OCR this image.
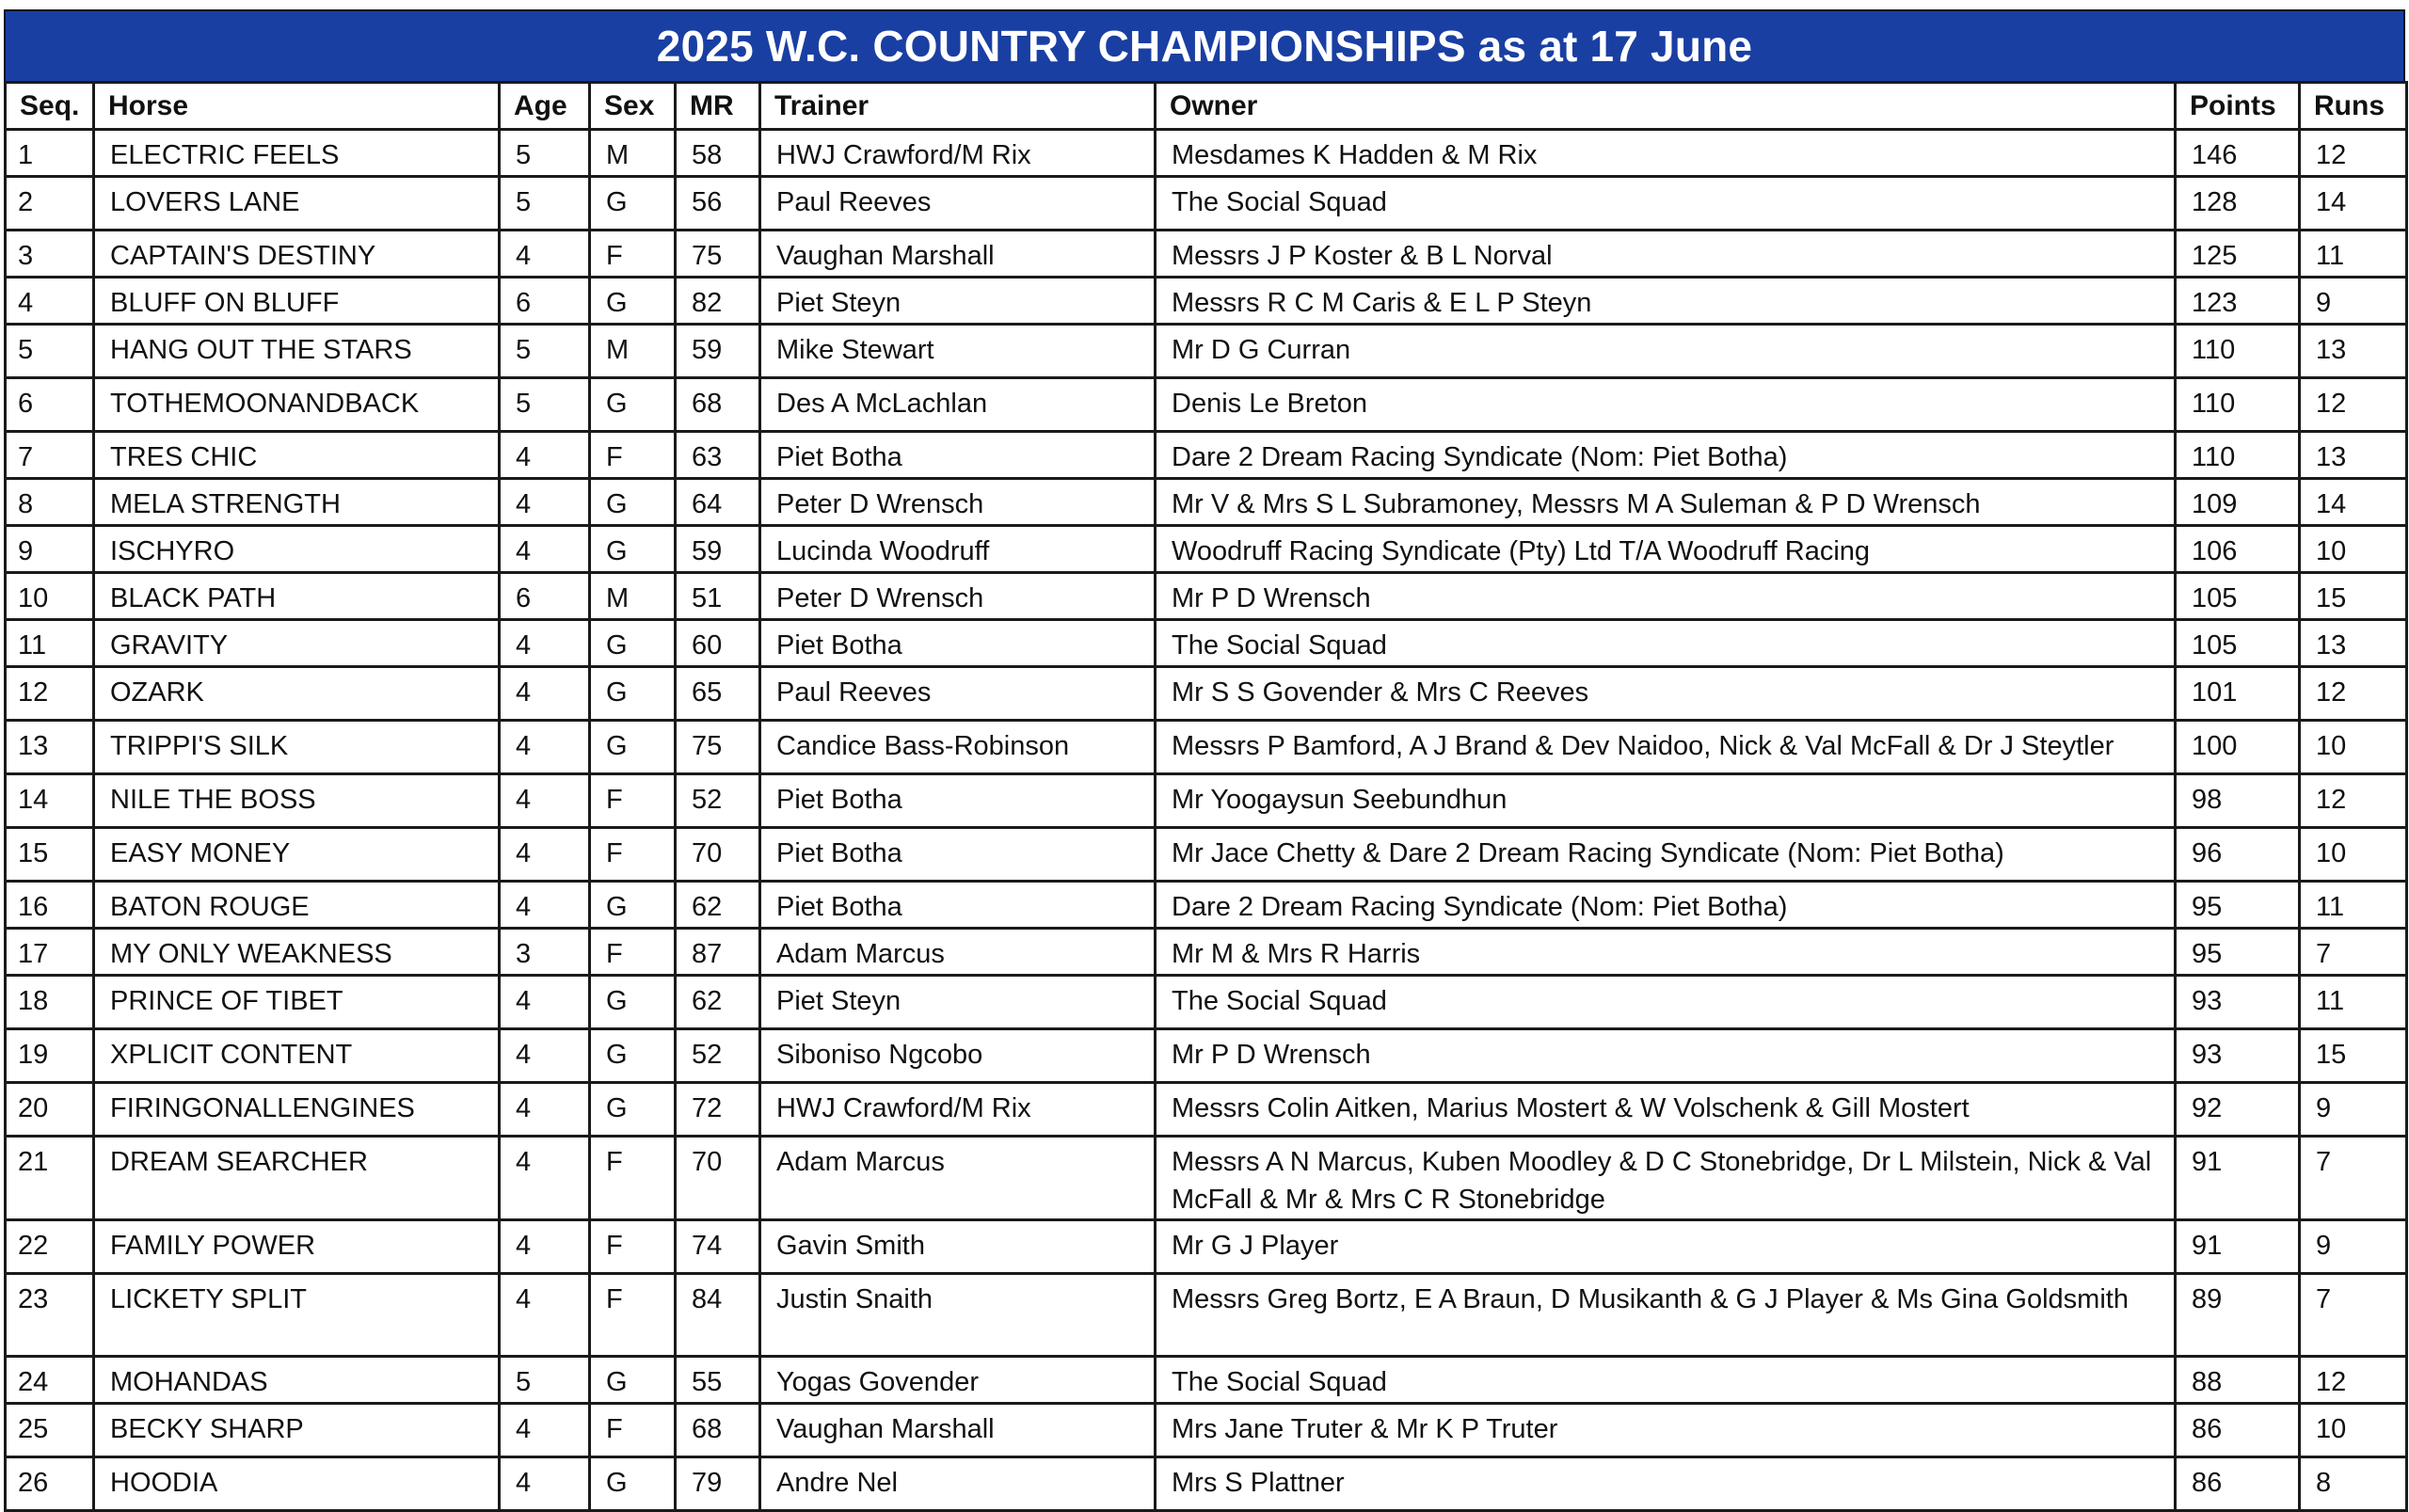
2025 W.C. COUNTRY CHAMPIONSHIPS as at 17 June
Seq.	Horse	Age	Sex	MR	Trainer	Owner	Points	Runs
1	ELECTRIC FEELS	5	M	58	HWJ Crawford/M Rix	Mesdames K Hadden & M Rix	146	12
2	LOVERS LANE	5	G	56	Paul Reeves	The Social Squad	128	14
3	CAPTAIN'S DESTINY	4	F	75	Vaughan Marshall	Messrs J P Koster & B L Norval	125	11
4	BLUFF ON BLUFF	6	G	82	Piet Steyn	Messrs R C M Caris & E L P Steyn	123	9
5	HANG OUT THE STARS	5	M	59	Mike Stewart	Mr D G Curran	110	13
6	TOTHEMOONANDBACK	5	G	68	Des A McLachlan	Denis Le Breton	110	12
7	TRES CHIC	4	F	63	Piet Botha	Dare 2 Dream Racing Syndicate (Nom: Piet Botha)	110	13
8	MELA STRENGTH	4	G	64	Peter D Wrensch	Mr V & Mrs S L Subramoney, Messrs M A Suleman & P D Wrensch	109	14
9	ISCHYRO	4	G	59	Lucinda Woodruff	Woodruff Racing Syndicate (Pty) Ltd T/A Woodruff Racing	106	10
10	BLACK PATH	6	M	51	Peter D Wrensch	Mr P D Wrensch	105	15
11	GRAVITY	4	G	60	Piet Botha	The Social Squad	105	13
12	OZARK	4	G	65	Paul Reeves	Mr S S Govender & Mrs C Reeves	101	12
13	TRIPPI'S SILK	4	G	75	Candice Bass-Robinson	Messrs P Bamford, A J Brand & Dev Naidoo, Nick & Val McFall & Dr J Steytler	100	10
14	NILE THE BOSS	4	F	52	Piet Botha	Mr Yoogaysun Seebundhun	98	12
15	EASY MONEY	4	F	70	Piet Botha	Mr Jace Chetty & Dare 2 Dream Racing Syndicate (Nom: Piet Botha)	96	10
16	BATON ROUGE	4	G	62	Piet Botha	Dare 2 Dream Racing Syndicate (Nom: Piet Botha)	95	11
17	MY ONLY WEAKNESS	3	F	87	Adam Marcus	Mr M & Mrs R Harris	95	7
18	PRINCE OF TIBET	4	G	62	Piet Steyn	The Social Squad	93	11
19	XPLICIT CONTENT	4	G	52	Siboniso Ngcobo	Mr P D Wrensch	93	15
20	FIRINGONALLENGINES	4	G	72	HWJ Crawford/M Rix	Messrs Colin Aitken, Marius Mostert & W Volschenk & Gill Mostert	92	9
21	DREAM SEARCHER	4	F	70	Adam Marcus	Messrs A N Marcus, Kuben Moodley & D C Stonebridge, Dr L Milstein, Nick & Val McFall & Mr & Mrs C R Stonebridge	91	7
22	FAMILY POWER	4	F	74	Gavin Smith	Mr G J Player	91	9
23	LICKETY SPLIT	4	F	84	Justin Snaith	Messrs Greg Bortz, E A Braun, D Musikanth & G J Player & Ms Gina Goldsmith	89	7
24	MOHANDAS	5	G	55	Yogas Govender	The Social Squad	88	12
25	BECKY SHARP	4	F	68	Vaughan Marshall	Mrs Jane Truter & Mr K P Truter	86	10
26	HOODIA	4	G	79	Andre Nel	Mrs S Plattner	86	8
